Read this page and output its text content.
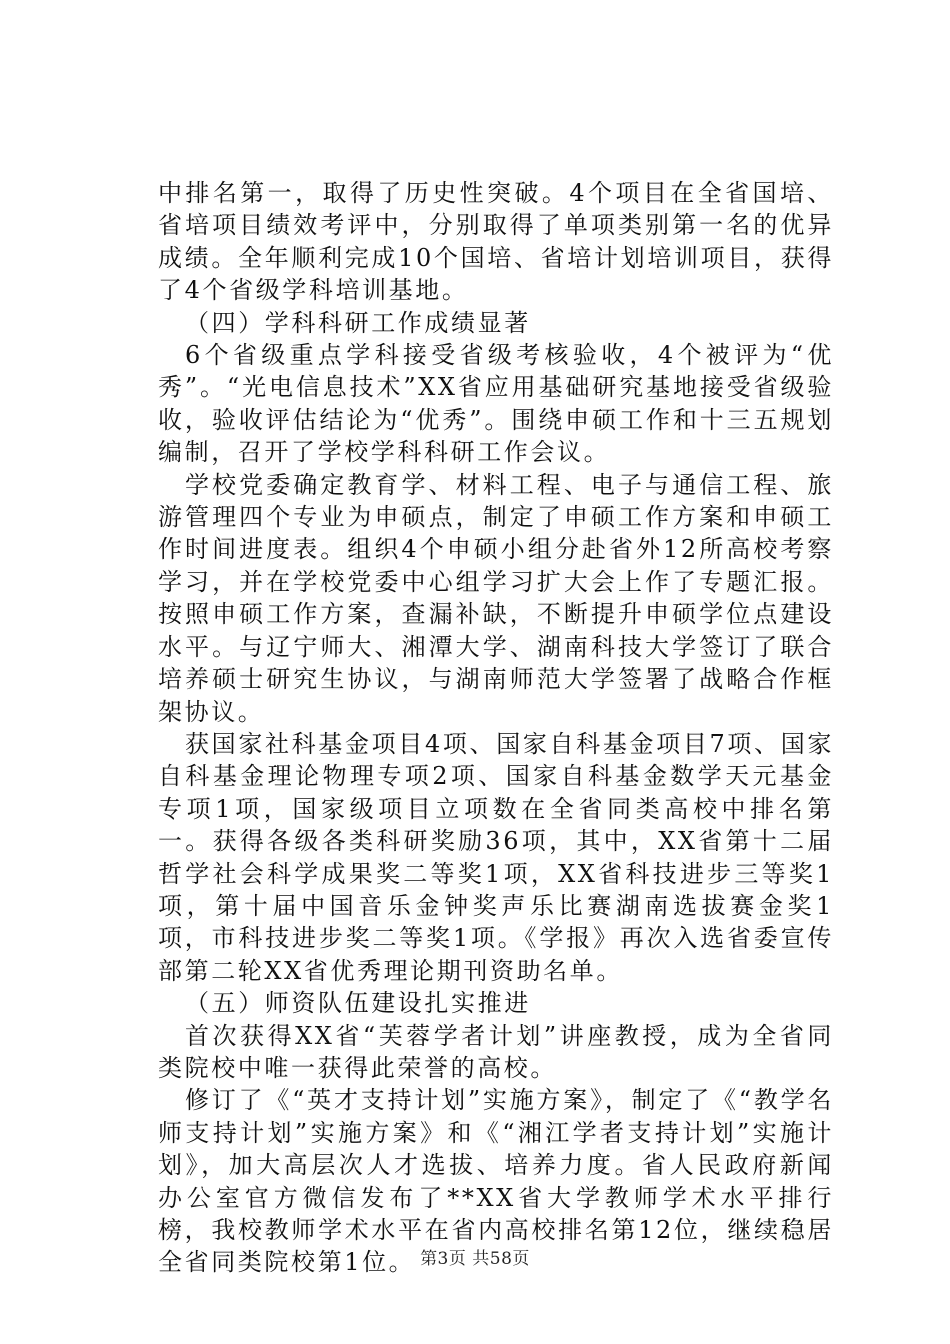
中排名第一，取得了历史性突破。4个项目在全省国培、省培项目绩效考评中，分别取得了单项类别第一名的优异成绩。全年顺利完成10个国培、省培计划培训项目，获得了4个省级学科培训基地。

（四）学科科研工作成绩显著

6个省级重点学科接受省级考核验收，4个被评为“优秀”。“光电信息技术”XX省应用基础研究基地接受省级验收，验收评估结论为“优秀”。围绕申硕工作和十三五规划编制，召开了学校学科科研工作会议。

学校党委确定教育学、材料工程、电子与通信工程、旅游管理四个专业为申硕点，制定了申硕工作方案和申硕工作时间进度表。组织4个申硕小组分赴省外12所高校考察学习，并在学校党委中心组学习扩大会上作了专题汇报。按照申硕工作方案，查漏补缺，不断提升申硕学位点建设水平。与辽宁师大、湘潭大学、湖南科技大学签订了联合培养硕士研究生协议，与湖南师范大学签署了战略合作框架协议。

获国家社科基金项目4项、国家自科基金项目7项、国家自科基金理论物理专项2项、国家自科基金数学天元基金专项1项，国家级项目立项数在全省同类高校中排名第一。获得各级各类科研奖励36项，其中，XX省第十二届哲学社会科学成果奖二等奖1项，XX省科技进步三等奖1项，第十届中国音乐金钟奖声乐比赛湖南选拔赛金奖1项，市科技进步奖二等奖1项。《学报》再次入选省委宣传部第二轮XX省优秀理论期刊资助名单。

（五）师资队伍建设扎实推进

首次获得XX省“芙蓉学者计划”讲座教授，成为全省同类院校中唯一获得此荣誉的高校。

修订了《“英才支持计划”实施方案》，制定了《“教学名师支持计划”实施方案》和《“湘江学者支持计划”实施计划》，加大高层次人才选拔、培养力度。省人民政府新闻办公室官方微信发布了**XX省大学教师学术水平排行榜，我校教师学术水平在省内高校排名第12位，继续稳居全省同类院校第1位。 第3页 共58页
